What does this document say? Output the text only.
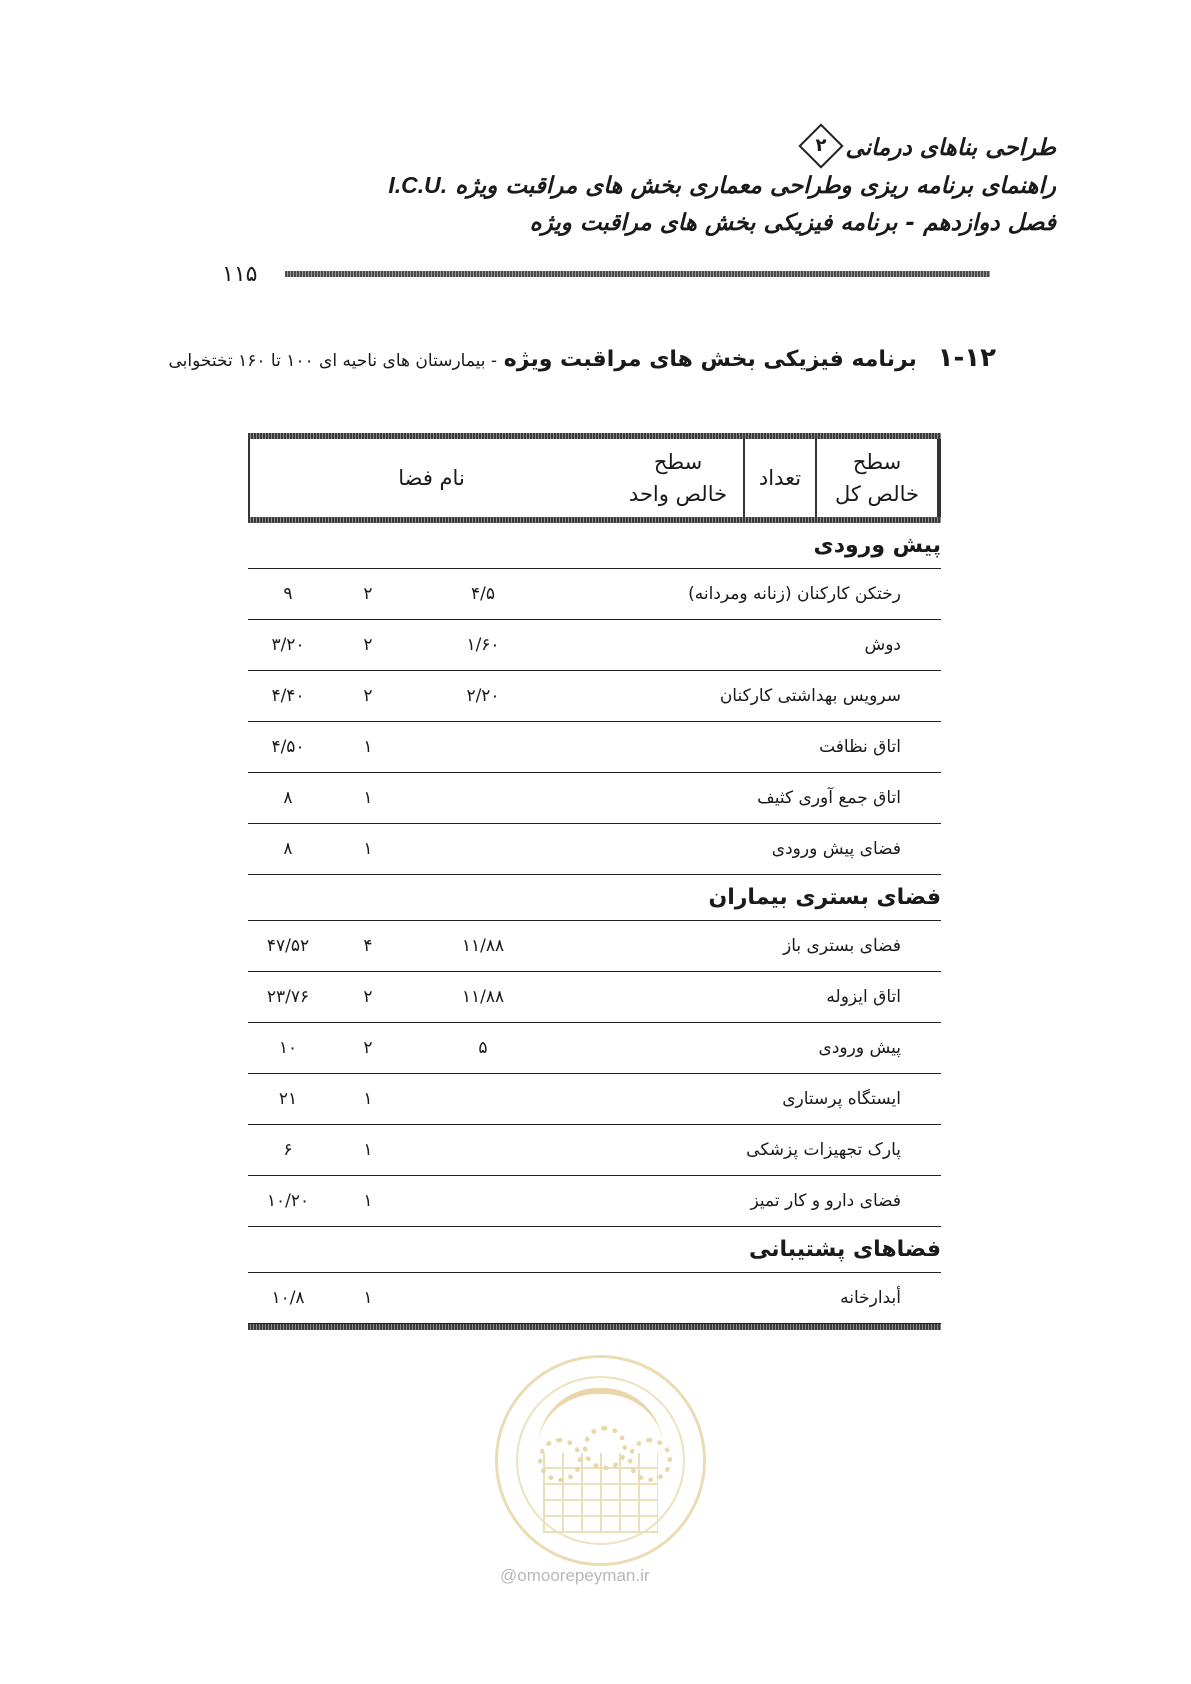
طراحی بناهای درمانی
۲
راهنمای برنامه ریزی وطراحی معماری بخش های مراقبت ویژه I.C.U.
فصل دوازدهم - برنامه فیزیکی بخش های مراقبت ویژه
۱۱۵
۱-۱۲ برنامه فیزیکی بخش های مراقبت ویژه - بیمارستان های ناحیه ای ۱۰۰ تا ۱۶۰ تختخوابی
نام فضا
سطح
خالص واحد
تعداد
سطح
خالص کل
پیش ورودی
رختکن کارکنان (زنانه ومردانه)
۴/۵
۲
۹
دوش
۱/۶۰
۲
۳/۲۰
سرویس بهداشتی کارکنان
۲/۲۰
۲
۴/۴۰
اتاق نظافت
۱
۴/۵۰
اتاق جمع آوری کثیف
۱
۸
فضای پیش ورودی
۱
۸
فضای بستری بیماران
فضای بستری باز
۱۱/۸۸
۴
۴۷/۵۲
اتاق ایزوله
۱۱/۸۸
۲
۲۳/۷۶
پیش ورودی
۵
۲
۱۰
ایستگاه پرستاری
۱
۲۱
پارک تجهیزات پزشکی
۱
۶
فضای دارو و کار تمیز
۱
۱۰/۲۰
فضاهای پشتیبانی
أبدارخانه
۱
۱۰/۸
@omoorepeyman.ir
